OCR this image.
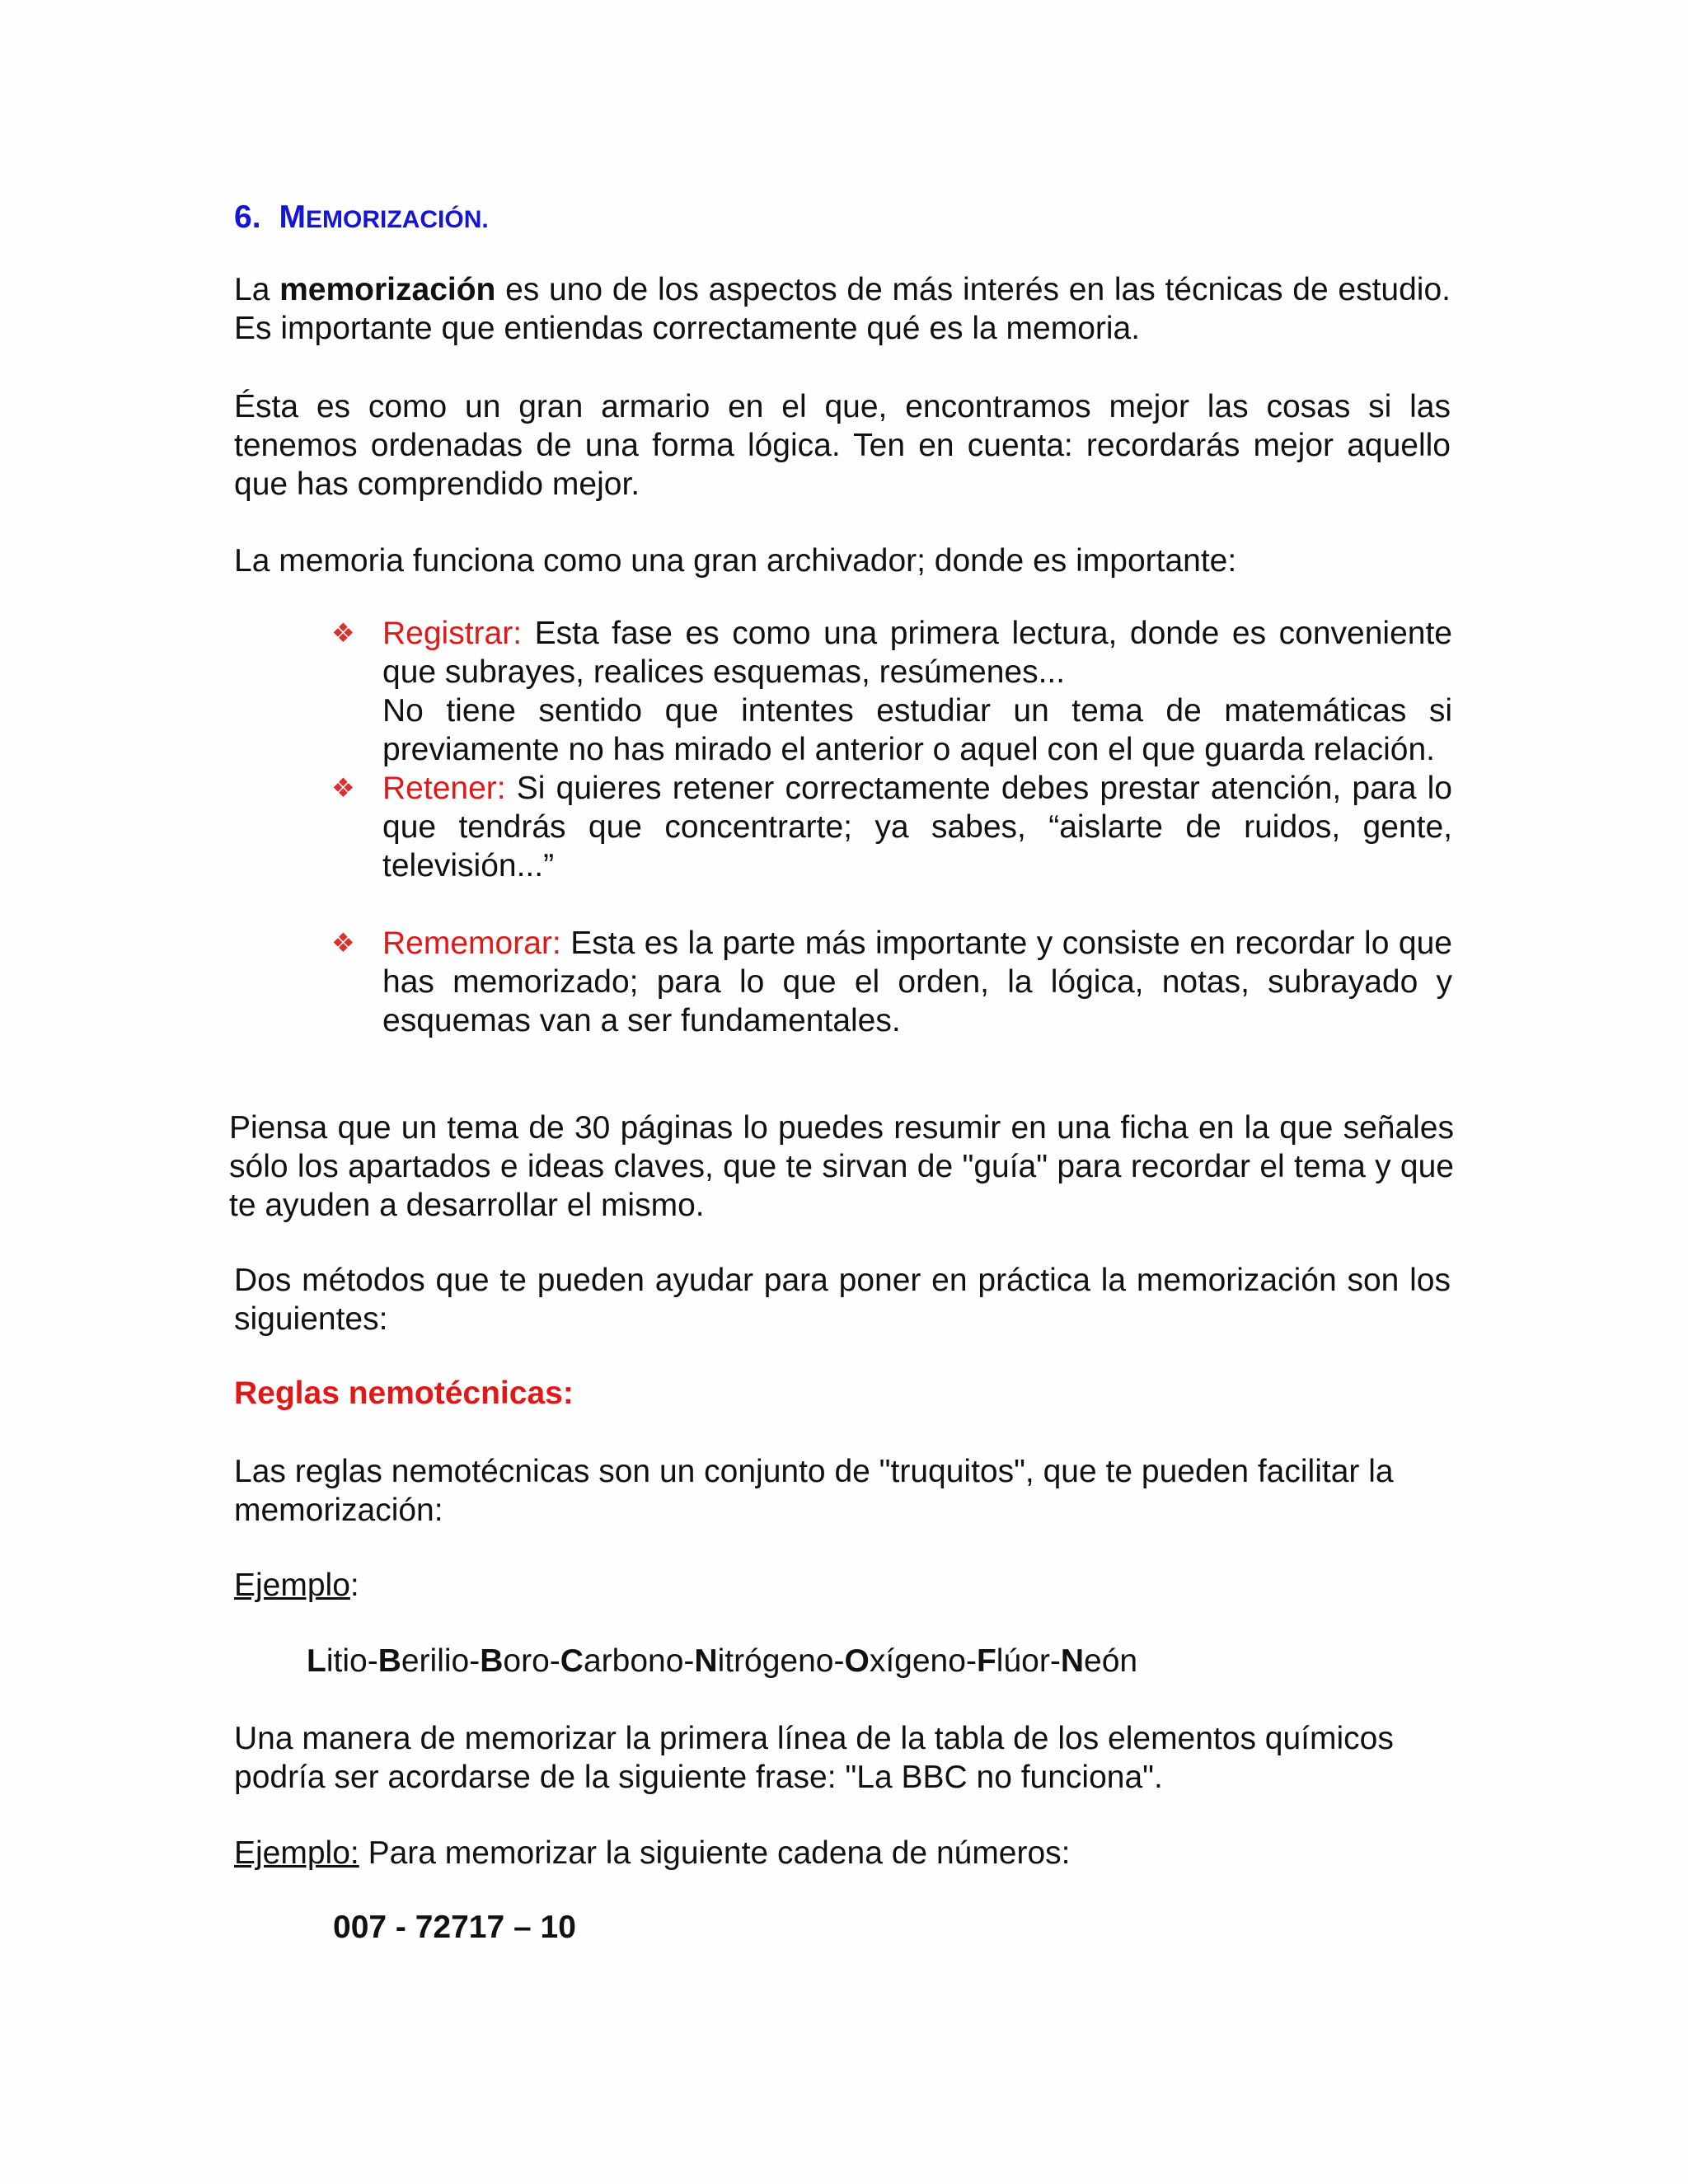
6. MEMORIZACIÓN.

La memorización es uno de los aspectos de más interés en las técnicas de estudio. Es importante que entiendas correctamente qué es la memoria.

Ésta es como un gran armario en el que, encontramos mejor las cosas si las tenemos ordenadas de una forma lógica. Ten en cuenta: recordarás mejor aquello que has comprendido mejor.

La memoria funciona como una gran archivador; donde es importante:

❖ Registrar: Esta fase es como una primera lectura, donde es conveniente que subrayes, realices esquemas, resúmenes...
No tiene sentido que intentes estudiar un tema de matemáticas si previamente no has mirado el anterior o aquel con el que guarda relación.
❖ Retener: Si quieres retener correctamente debes prestar atención, para lo que tendrás que concentrarte; ya sabes, “aislarte de ruidos, gente, televisión...”
❖ Rememorar: Esta es la parte más importante y consiste en recordar lo que has memorizado; para lo que el orden, la lógica, notas, subrayado y esquemas van a ser fundamentales.

Piensa que un tema de 30 páginas lo puedes resumir en una ficha en la que señales sólo los apartados e ideas claves, que te sirvan de "guía" para recordar el tema y que te ayuden a desarrollar el mismo.

Dos métodos que te pueden ayudar para poner en práctica la memorización son los siguientes:

Reglas nemotécnicas:

Las reglas nemotécnicas son un conjunto de "truquitos", que te pueden facilitar la memorización:

Ejemplo:

Litio-Berilio-Boro-Carbono-Nitrógeno-Oxígeno-Flúor-Neón

Una manera de memorizar la primera línea de la tabla de los elementos químicos podría ser acordarse de la siguiente frase: "La BBC no funciona".

Ejemplo: Para memorizar la siguiente cadena de números:

007 - 72717 – 10
